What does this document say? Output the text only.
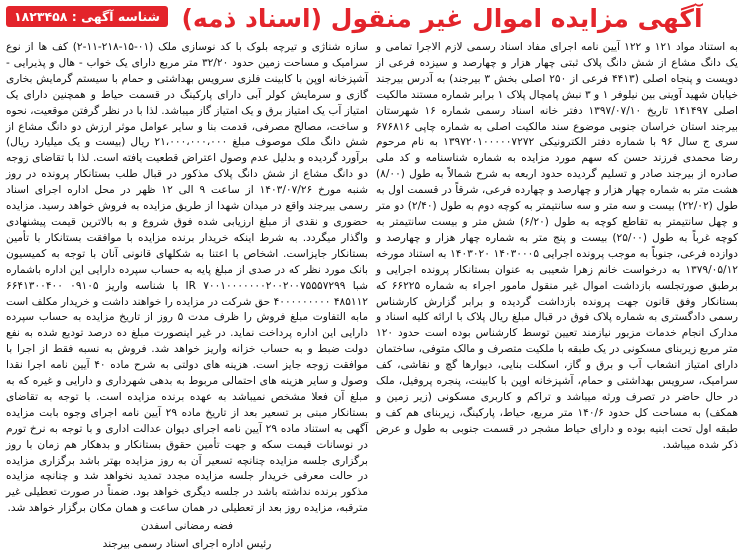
شناسه آگهی : ۱۸۲۳۴۵۸ آگهی مزایده اموال غیر منقول (اسناد ذمه)

به استناد مواد ۱۲۱ و ۱۲۲ آیین نامه اجرای مفاد اسناد رسمی لازم الاجرا تمامی و یک دانگ مشاع از شش دانگ پلاک ثبتی چهار هزار و چهارصد و سیزده فرعی از دویست و پنجاه اصلی (۴۴۱۳ فرعی از ۲۵۰ اصلی بخش ۳ بیرجند) به آدرس بیرجند خیابان شهید آوینی بین نیلوفر ۱ و ۳ نبش پامچال پلاک ۱ برابر شماره مستند مالکیت اصلی ۱۴۱۴۹۷ تاریخ ۱۳۹۷/۰۷/۱۰ دفتر خانه اسناد رسمی شماره ۱۶ شهرستان بیرجند استان خراسان جنوبی موضوع سند مالکیت اصلی به شماره چاپی ۶۷۶۸۱۶ سری ج سال ۹۶ با شماره دفتر الکترونیکی ۱۳۹۷۲۰۱۰۰۰۰۰۷۲۷۲ به نام مرحوم رضا محمدی فرزند حسن که سهم مورد مزایده به شماره شناسنامه و کد ملی صادره از بیرجند صادر و تسلیم گردیده حدود اربعه به شرح شمالاً به طول (۸/۰۰) هشت متر به شماره چهار هزار و چهارصد و چهارده فرعی، شرقاً در قسمت اول به طول (۲۲/۰۲) بیست و سه متر و سه سانتیمتر به کوچه دوم به طول (۲/۴۰) دو متر و چهل سانتیمتر به تقاطع کوچه به طول (۶/۲۰) شش متر و بیست سانتیمتر به کوچه غرباً به طول (۲۵/۰۰) بیست و پنج متر به شماره چهار هزار و چهارصد و دوازده فرعی، جنوباً به موجب پرونده اجرایی ۱۴۰۳۰۰۰۵ ۱۴۰۳۰۲۰ به استناد مورخه ۱۳۷۹/۰۵/۱۲ به درخواست خانم زهرا شعیبی به عنوان بستانکار پرونده اجرایی و برطبق صورتجلسه بازداشت اموال غیر منقول مامور اجراء به شماره ۶۶۲۲۵ که بستانکار وفق قانون جهت پرونده بازداشت گردیده و برابر گزارش کارشناس رسمی دادگستری به شماره پلاک فوق در قبال مبلغ ریال پلاک با ارائه کلیه اسناد و مدارک انجام خدمات مزبور نیازمند تعیین توسط کارشناس بوده است حدود ۱۲۰ متر مربع زیربنای مسکونی در یک طبقه با ملکیت متصرف و مالک متوفی، ساختمان دارای امتیاز انشعاب آب و برق و گاز، اسکلت بنایی، دیوارها گچ و نقاشی، کف سرامیک، سرویس بهداشتی و حمام، آشپزخانه اوپن با کابینت، پنجره پروفیل، ملک در حال حاضر در تصرف ورثه میباشد و تراکم و کاربری مسکونی (زیر زمین و همکف) به مساحت کل حدود ۱۴۰/۶ متر مربع، حیاط، پارکینگ، زیربنای هم کف و طبقه اول تحت ابنیه بوده و دارای حیاط مشجر در قسمت جنوبی به طول و عرض ذکر شده میباشد.

سازه شناژی و تیرچه بلوک با کد نوسازی ملک (۰۱-۱۵-۲۱۸-۱۱-۲) کف ها از نوع سرامیک و مساحت زمین حدود ۳۲/۲۰ متر مربع دارای یک خواب - هال و پذیرایی - آشپزخانه اوپن با کابینت فلزی سرویس بهداشتی و حمام با سیستم گرمایش بخاری گازی و سرمایش کولر آبی دارای پارکینگ در قسمت حیاط و همچنین دارای یک امتیاز آب یک امتیاز برق و یک امتیاز گاز میباشد. لذا با در نظر گرفتن موقعیت، نحوه و ساخت، مصالح مصرفی، قدمت بنا و سایر عوامل موثر ارزش دو دانگ مشاع از شش دانگ ملک موصوف مبلغ ۲۱،۰۰۰،۰۰۰،۰۰۰ ریال (بیست و یک میلیارد ریال) برآورد گردیده و بدلیل عدم وصول اعتراض قطعیت یافته است. لذا با تقاضای زوجه دو دانگ مشاع از شش دانگ پلاک مذکور در قبال طلب بستانکار پرونده در روز شنبه مورخ ۱۴۰۳/۰۷/۲۶ از ساعت ۹ الی ۱۲ ظهر در محل اداره اجرای اسناد رسمی بیرجند واقع در میدان شهدا از طریق مزایده به فروش خواهد رسید. مزایده حضوری و نقدی از مبلغ ارزیابی شده فوق شروع و به بالاترین قیمت پیشنهادی واگذار میگردد. به شرط اینکه خریدار برنده مزایده با موافقت بستانکار با تأمین بستانکار جایزاست. اشخاص با اعتنا به شکلهای قانونی آنان با توجه به کمیسیون بانک مورد نظر که در صدی از مبلغ پایه به حساب سپرده دارایی این اداره باشماره شبا ۷۰۰۱۰۰۰۰۰۰۰۲۰۰۲۰۰۷۵۵۵۷۲۹۹ IR با شناسه واریز ۰۹۱۰۵ ۶۶۴۱۳۰۰۴۰۰ ۴۸۵۱۱۲ ۴۰۰۰۰۰۰۰۰۰ حق شرکت در مزایده را خواهند داشت و خریدار مکلف است مابه التفاوت مبلغ فروش را ظرف مدت ۵ روز از تاریخ مزایده به حساب سپرده دارایی این اداره پرداخت نماید. در غیر اینصورت مبلغ ده درصد تودیع شده به نفع دولت ضبط و به حساب خزانه واریز خواهد شد. فروش به نسبه فقط از اجرا با موافقت زوجه جایز است. هزینه های دولتی به شرح ماده ۴۰ آیین نامه اجرا نقدا وصول و سایر هزینه های احتمالی مربوط به بدهی شهرداری و دارایی و غیره که به مبلغ آن فعلا مشخص نمیباشد به عهده برنده مزایده است. با توجه به تقاضای بستانکار مبنی بر تسعیر بعد از تاریخ ماده ۲۹ آیین نامه اجرای وجوه بابت مزایده آگهی به استناد ماده ۲۹ آیین نامه اجرای دیوان عدالت اداری و با توجه به نرخ تورم در نوسانات قیمت سکه و جهت تأمین حقوق بستانکار و بدهکار هم زمان با روز برگزاری جلسه مزایده چنانچه تسعیر آن به روز مزایده بهتر باشد برگزاری مزایده در حالت معرفی خریدار جلسه مزایده مجدد تمدید نخواهد شد و چنانچه مزایده مذکور برنده نداشته باشد در جلسه دیگری خواهد بود. ضمناً در صورت تعطیلی غیر مترقبه، مزایده روز بعد از تعطیلی در همان ساعت و همان مکان برگزار خواهد شد.

فضه رمضانی اسفدن
رئیس اداره اجرای اسناد رسمی بیرجند
